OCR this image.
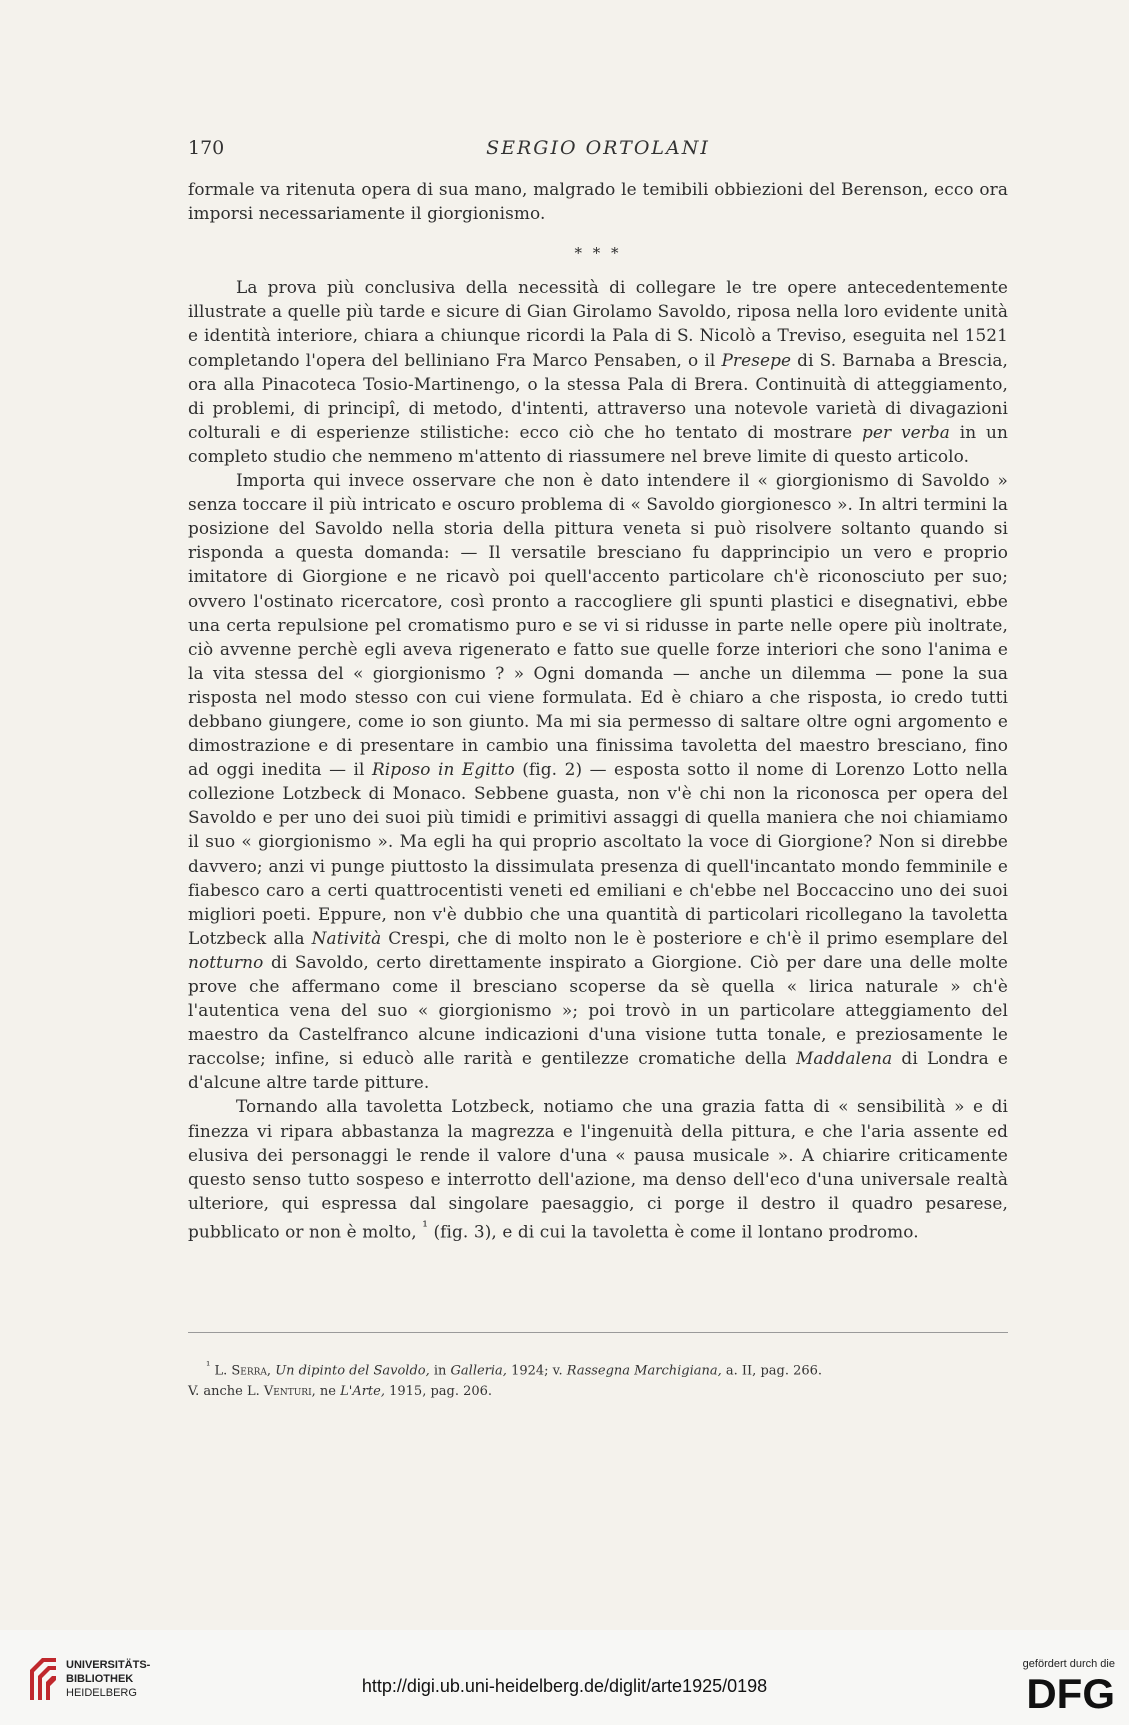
170	SERGIO ORTOLANI

formale va ritenuta opera di sua mano, malgrado le temibili obbiezioni del Berenson, ecco ora imporsi necessariamente il giorgionismo.

* * *

La prova più conclusiva della necessità di collegare le tre opere antecedentemente illustrate a quelle più tarde e sicure di Gian Girolamo Savoldo, riposa nella loro evidente unità e identità interiore, chiara a chiunque ricordi la Pala di S. Nicolò a Treviso, eseguita nel 1521 completando l'opera del belliniano Fra Marco Pensaben, o il Presepe di S. Barnaba a Brescia, ora alla Pinacoteca Tosio-Martinengo, o la stessa Pala di Brera. Continuità di atteggiamento, di problemi, di principî, di metodo, d'intenti, attraverso una notevole varietà di divagazioni colturali e di esperienze stilistiche: ecco ciò che ho tentato di mostrare per verba in un completo studio che nemmeno m'attento di riassumere nel breve limite di questo articolo.

Importa qui invece osservare che non è dato intendere il « giorgionismo di Savoldo » senza toccare il più intricato e oscuro problema di « Savoldo giorgionesco ». In altri termini la posizione del Savoldo nella storia della pittura veneta si può risolvere soltanto quando si risponda a questa domanda: — Il versatile bresciano fu dapprincipio un vero e proprio imitatore di Giorgione e ne ricavò poi quell'accento particolare ch'è riconosciuto per suo; ovvero l'ostinato ricercatore, così pronto a raccogliere gli spunti plastici e disegnativi, ebbe una certa repulsione pel cromatismo puro e se vi si ridusse in parte nelle opere più inoltrate, ciò avvenne perchè egli aveva rigenerato e fatto sue quelle forze interiori che sono l'anima e la vita stessa del « giorgionismo ? » Ogni domanda — anche un dilemma — pone la sua risposta nel modo stesso con cui viene formulata. Ed è chiaro a che risposta, io credo tutti debbano giungere, come io son giunto. Ma mi sia permesso di saltare oltre ogni argomento e dimostrazione e di presentare in cambio una finissima tavoletta del maestro bresciano, fino ad oggi inedita — il Riposo in Egitto (fig. 2) — esposta sotto il nome di Lorenzo Lotto nella collezione Lotzbeck di Monaco. Sebbene guasta, non v'è chi non la riconosca per opera del Savoldo e per uno dei suoi più timidi e primitivi assaggi di quella maniera che noi chiamiamo il suo « giorgionismo ». Ma egli ha qui proprio ascoltato la voce di Giorgione? Non si direbbe davvero; anzi vi punge piuttosto la dissimulata presenza di quell'incantato mondo femminile e fiabesco caro a certi quattrocentisti veneti ed emiliani e ch'ebbe nel Boccaccino uno dei suoi migliori poeti. Eppure, non v'è dubbio che una quantità di particolari ricollegano la tavoletta Lotzbeck alla Natività Crespi, che di molto non le è posteriore e ch'è il primo esemplare del notturno di Savoldo, certo direttamente inspirato a Giorgione. Ciò per dare una delle molte prove che affermano come il bresciano scoperse da sè quella « lirica naturale » ch'è l'autentica vena del suo « giorgionismo »; poi trovò in un particolare atteggiamento del maestro da Castelfranco alcune indicazioni d'una visione tutta tonale, e preziosamente le raccolse; infine, si educò alle rarità e gentilezze cromatiche della Maddalena di Londra e d'alcune altre tarde pitture.

Tornando alla tavoletta Lotzbeck, notiamo che una grazia fatta di « sensibilità » e di finezza vi ripara abbastanza la magrezza e l'ingenuità della pittura, e che l'aria assente ed elusiva dei personaggi le rende il valore d'una « pausa musicale ». A chiarire criticamente questo senso tutto sospeso e interrotto dell'azione, ma denso dell'eco d'una universale realtà ulteriore, qui espressa dal singolare paesaggio, ci porge il destro il quadro pesarese, pubblicato or non è molto, $^{^1}$ (fig. 3), e di cui la tavoletta è come il lontano prodromo.

$^{^1}$ L. Serra, Un dipinto del Savoldo, in Galleria, 1924; v. Rassegna Marchigiana, a. II, pag. 266.

V. anche L. Venturi, ne L'Arte, 1915, pag. 206.

UNIVERSITÄTS-
BIBLIOTHEK
HEIDELBERG	http://digi.ub.uni-heidelberg.de/diglit/arte1925/0198
gefördert durch die
DFG
